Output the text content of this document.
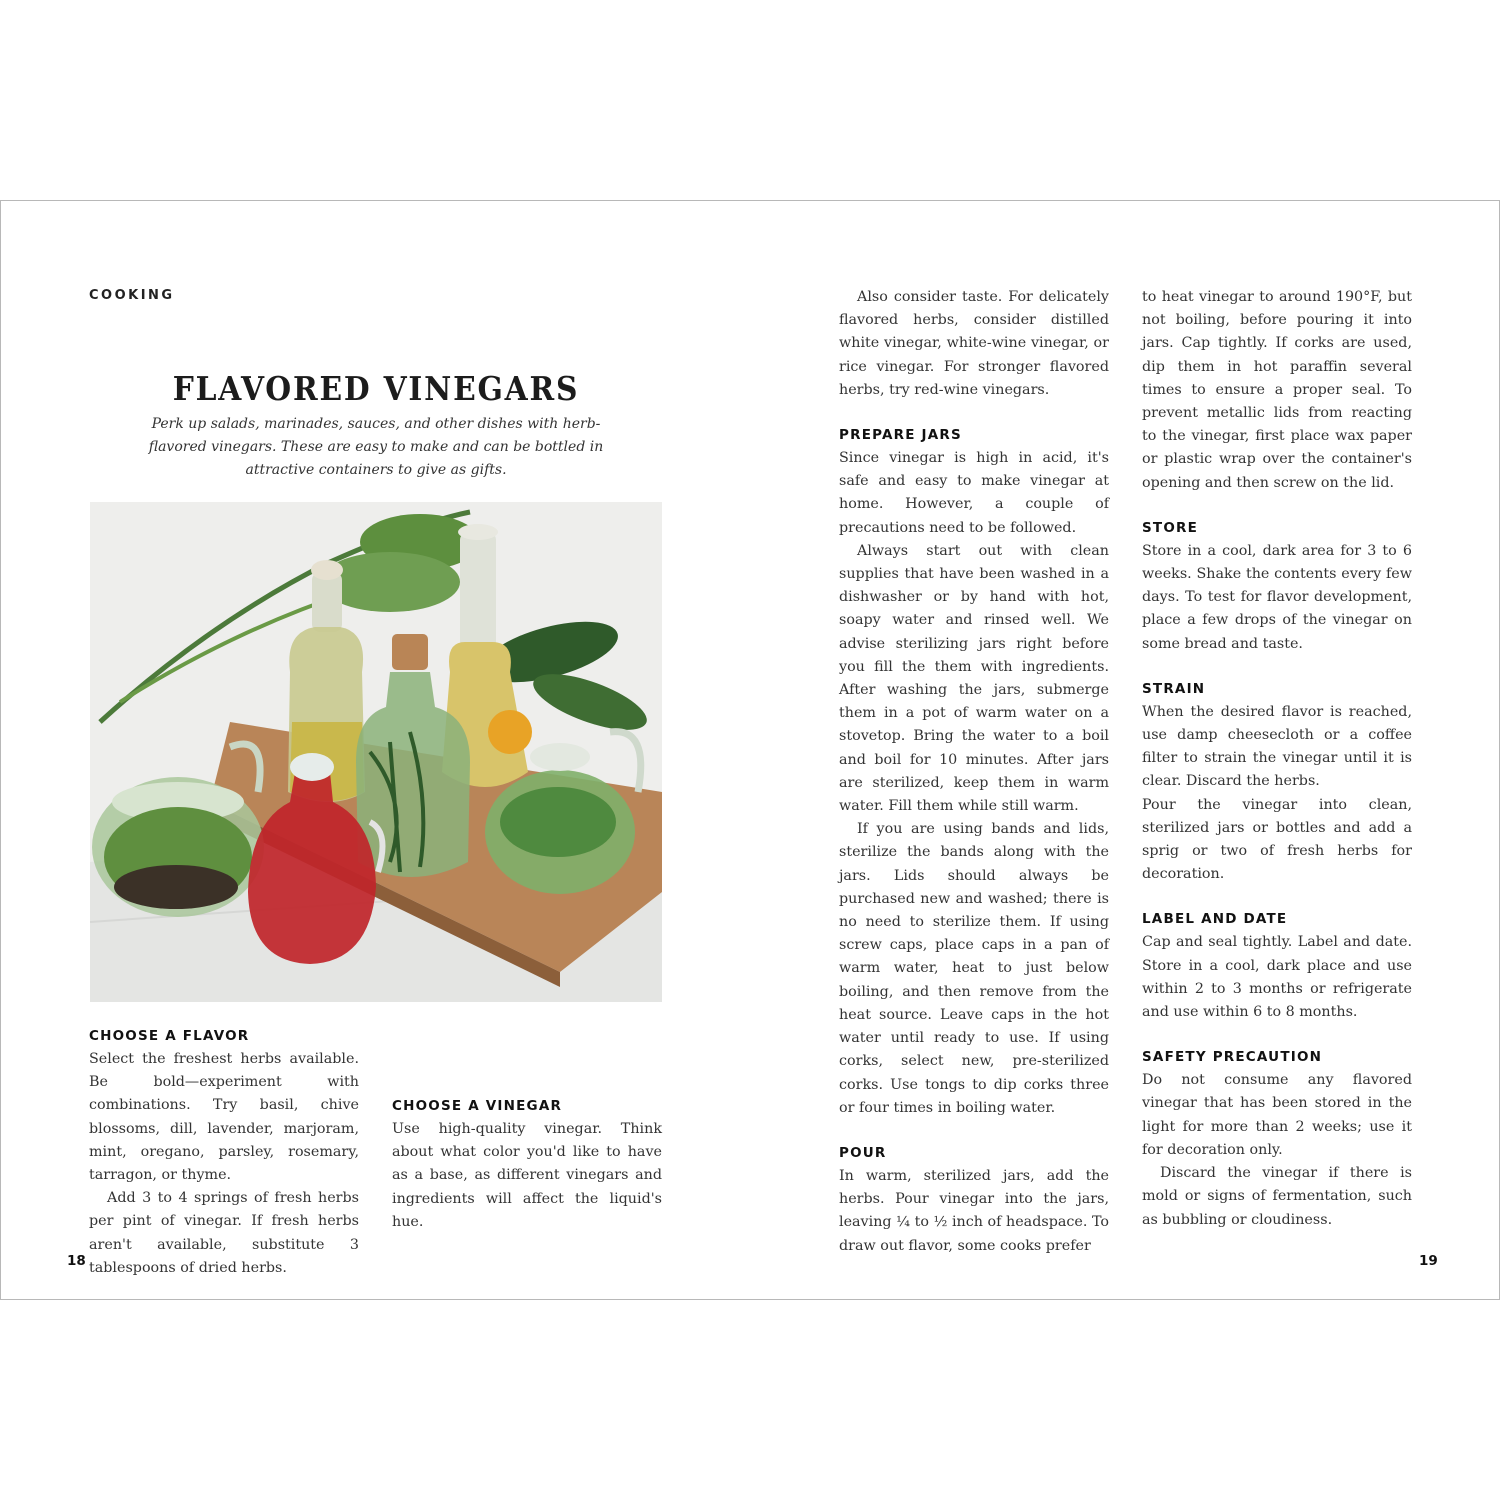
COOKING
FLAVORED VINEGARS
Perk up salads, marinades, sauces, and other dishes with herb-flavored vinegars. These are easy to make and can be bottled in attractive containers to give as gifts.

CHOOSE A FLAVOR

Select the freshest herbs available. Be bold—experiment with combinations. Try basil, chive blossoms, dill, lavender, marjoram, mint, oregano, parsley, rosemary, tarragon, or thyme.

Add 3 to 4 springs of fresh herbs per pint of vinegar. If fresh herbs aren't available, substitute 3 tablespoons of dried herbs.

CHOOSE A VINEGAR

Use high-quality vinegar. Think about what color you'd like to have as a base, as different vinegars and ingredients will affect the liquid's hue.

Also consider taste. For delicately flavored herbs, consider distilled white vinegar, white-wine vinegar, or rice vinegar. For stronger flavored herbs, try red-wine vinegars.

PREPARE JARS

Since vinegar is high in acid, it's safe and easy to make vinegar at home. However, a couple of precautions need to be followed.

Always start out with clean supplies that have been washed in a dishwasher or by hand with hot, soapy water and rinsed well. We advise sterilizing jars right before you fill the them with ingredients. After washing the jars, submerge them in a pot of warm water on a stovetop. Bring the water to a boil and boil for 10 minutes. After jars are sterilized, keep them in warm water. Fill them while still warm.

If you are using bands and lids, sterilize the bands along with the jars. Lids should always be purchased new and washed; there is no need to sterilize them. If using screw caps, place caps in a pan of warm water, heat to just below boiling, and then remove from the heat source. Leave caps in the hot water until ready to use. If using corks, select new, pre-sterilized corks. Use tongs to dip corks three or four times in boiling water.

POUR

In warm, sterilized jars, add the herbs. Pour vinegar into the jars, leaving ¼ to ½ inch of headspace. To draw out flavor, some cooks prefer

to heat vinegar to around 190°F, but not boiling, before pouring it into jars. Cap tightly. If corks are used, dip them in hot paraffin several times to ensure a proper seal. To prevent metallic lids from reacting to the vinegar, first place wax paper or plastic wrap over the container's opening and then screw on the lid.

STORE

Store in a cool, dark area for 3 to 6 weeks. Shake the contents every few days. To test for flavor development, place a few drops of the vinegar on some bread and taste.

STRAIN

When the desired flavor is reached, use damp cheesecloth or a coffee filter to strain the vinegar until it is clear. Discard the herbs.

Pour the vinegar into clean, sterilized jars or bottles and add a sprig or two of fresh herbs for decoration.

LABEL AND DATE

Cap and seal tightly. Label and date. Store in a cool, dark place and use within 2 to 3 months or refrigerate and use within 6 to 8 months.

SAFETY PRECAUTION

Do not consume any flavored vinegar that has been stored in the light for more than 2 weeks; use it for decoration only.

Discard the vinegar if there is mold or signs of fermentation, such as bubbling or cloudiness.

18	19
